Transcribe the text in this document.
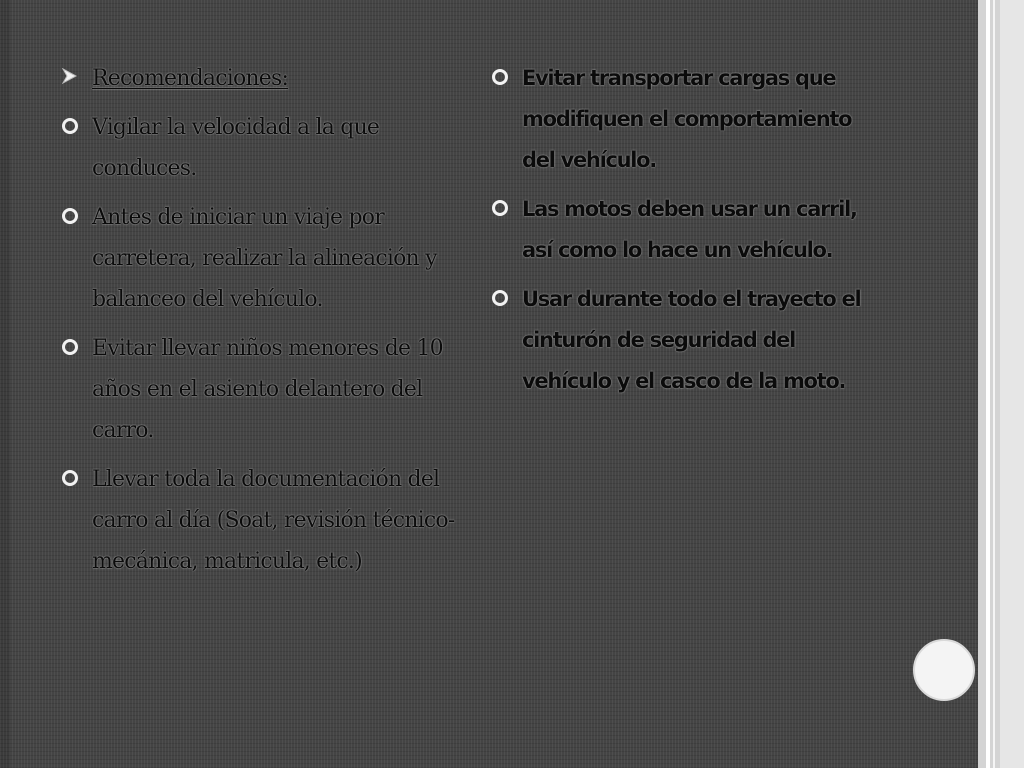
Recomendaciones:
Vigilar la velocidad a la que conduces.
Antes de iniciar un viaje por carretera, realizar la alineación y balanceo del vehículo.
Evitar llevar niños menores de 10 años en el asiento delantero del carro.
Llevar toda la documentación del carro al día (Soat, revisión técnico-mecánica, matricula, etc.)
Evitar transportar cargas que modifiquen el comportamiento del vehículo.
Las motos deben usar un carril, así como lo hace un vehículo.
Usar durante todo el trayecto el cinturón de seguridad del vehículo y el casco de la moto.
